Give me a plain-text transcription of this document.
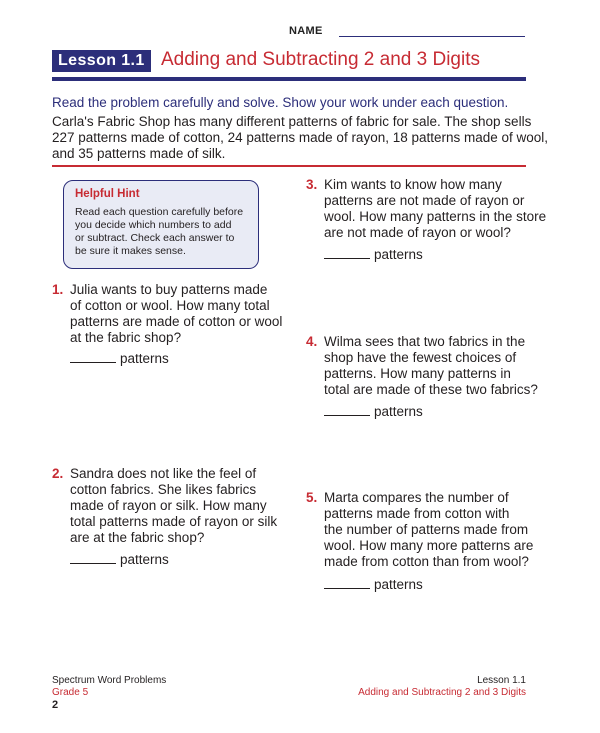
NAME
Lesson 1.1 Adding and Subtracting 2 and 3 Digits
Read the problem carefully and solve. Show your work under each question.
Carla's Fabric Shop has many different patterns of fabric for sale. The shop sells
227 patterns made of cotton, 24 patterns made of rayon, 18 patterns made of wool,
and 35 patterns made of silk.
Helpful Hint
Read each question carefully before
you decide which numbers to add
or subtract. Check each answer to
be sure it makes sense.
1. Julia wants to buy patterns made
of cotton or wool. How many total
patterns are made of cotton or wool
at the fabric shop?
patterns
2. Sandra does not like the feel of
cotton fabrics. She likes fabrics
made of rayon or silk. How many
total patterns made of rayon or silk
are at the fabric shop?
patterns
3. Kim wants to know how many
patterns are not made of rayon or
wool. How many patterns in the store
are not made of rayon or wool?
patterns
4. Wilma sees that two fabrics in the
shop have the fewest choices of
patterns. How many patterns in
total are made of these two fabrics?
patterns
5. Marta compares the number of
patterns made from cotton with
the number of patterns made from
wool. How many more patterns are
made from cotton than from wool?
patterns
Spectrum Word Problems
Grade 5
2
Lesson 1.1
Adding and Subtracting 2 and 3 Digits
